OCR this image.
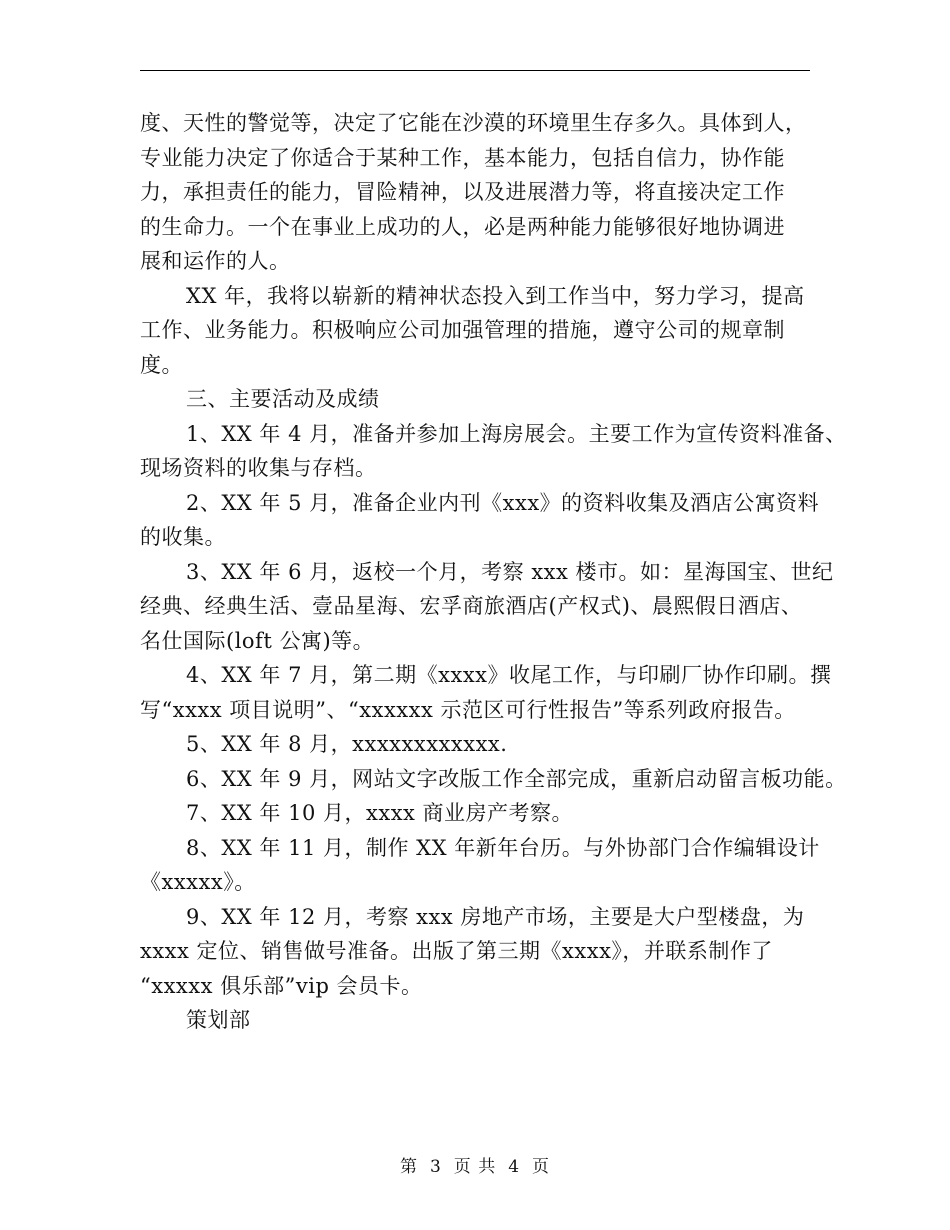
度、天性的警觉等，决定了它能在沙漠的环境里生存多久。具体到人，
专业能力决定了你适合于某种工作，基本能力，包括自信力，协作能
力，承担责任的能力，冒险精神，以及进展潜力等，将直接决定工作
的生命力。一个在事业上成功的人，必是两种能力能够很好地协调进
展和运作的人。
XX 年，我将以崭新的精神状态投入到工作当中，努力学习，提高
工作、业务能力。积极响应公司加强管理的措施，遵守公司的规章制
度。
三、主要活动及成绩
1、XX 年 4 月，准备并参加上海房展会。主要工作为宣传资料准备、
现场资料的收集与存档。
2、XX 年 5 月，准备企业内刊《xxx》的资料收集及酒店公寓资料
的收集。
3、XX 年 6 月，返校一个月，考察 xxx 楼市。如：星海国宝、世纪
经典、经典生活、壹品星海、宏孚商旅酒店(产权式)、晨熙假日酒店、
名仕国际(loft 公寓)等。
4、XX 年 7 月，第二期《xxxx》收尾工作，与印刷厂协作印刷。撰
写“xxxx 项目说明”、“xxxxxx 示范区可行性报告”等系列政府报告。
5、XX 年 8 月，xxxxxxxxxxxx.
6、XX 年 9 月，网站文字改版工作全部完成，重新启动留言板功能。
7、XX 年 10 月，xxxx 商业房产考察。
8、XX 年 11 月，制作 XX 年新年台历。与外协部门合作编辑设计
《xxxxx》。
9、XX 年 12 月，考察 xxx 房地产市场，主要是大户型楼盘，为
xxxx 定位、销售做号准备。出版了第三期《xxxx》，并联系制作了
“xxxxx 俱乐部”vip 会员卡。
策划部
第 3 页 共 4 页
